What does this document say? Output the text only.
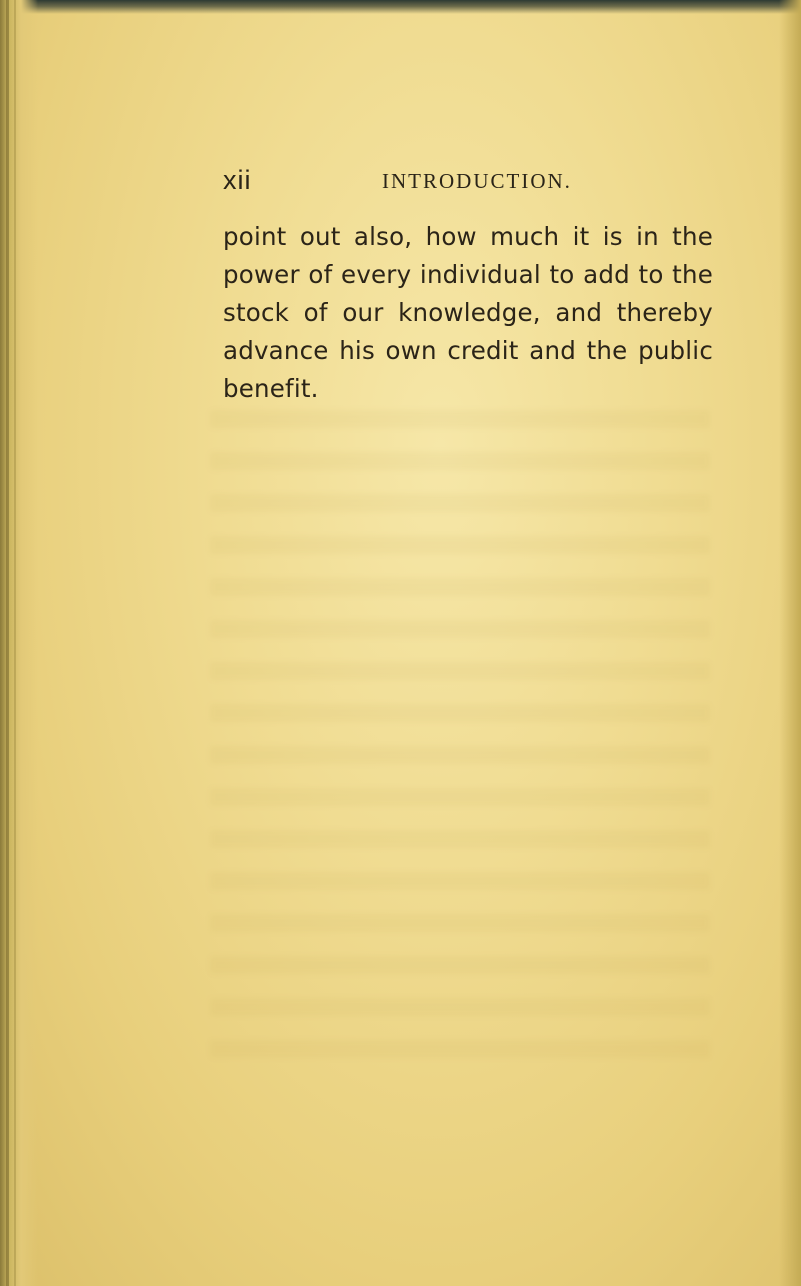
xii	INTRODUCTION.
point out also, how much it is in the
power of every individual to add to the
stock of our knowledge, and thereby
advance his own credit and the public
benefit.
